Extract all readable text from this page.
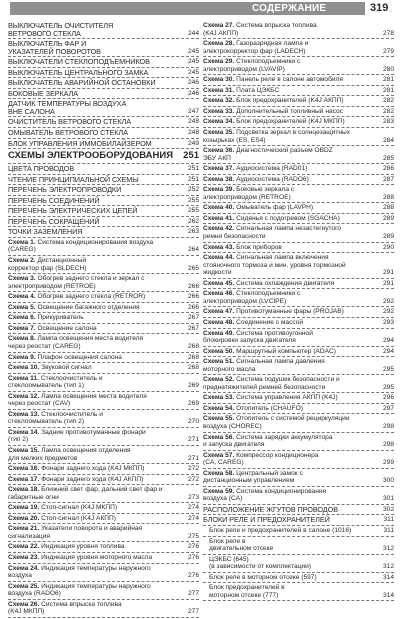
СОДЕРЖАНИЕ	319
ВЫКЛЮЧАТЕЛЬ ОЧИСТИТЕЛЯ
ВЕТРОВОГО СТЕКЛА	244
ВЫКЛЮЧАТЕЛЬ ФАР И
УКАЗАТЕЛЕЙ ПОВОРОТОВ	245
ВЫКЛЮЧАТЕЛИ СТЕКЛОПОДЪЕМНИКОВ	245
ВЫКЛЮЧАТЕЛЬ ЦЕНТРАЛЬНОГО ЗАМКА	245
ВЫКЛЮЧАТЕЛЬ АВАРИЙНОЙ ОСТАНОВКИ	246
БОКОВЫЕ ЗЕРКАЛА	246
ДАТЧИК ТЕМПЕРАТУРЫ ВОЗДУХА
ВНЕ САЛОНА	247
ОЧИСТИТЕЛЬ ВЕТРОВОГО СТЕКЛА	248
ОМЫВАТЕЛЬ ВЕТРОВОГО СТЕКЛА	248
БЛОК УПРАВЛЕНИЯ ИММОБИЛАЙЗЕРОМ	249
СХЕМЫ ЭЛЕКТРООБОРУДОВАНИЯ	251
ЦВЕТА ПРОВОДОВ	251
ЧТЕНИЕ ПРИНЦИПИАЛЬНОЙ СХЕМЫ	251
ПЕРЕЧЕНЬ ЭЛЕКТРОПРОВОДКИ	252
ПЕРЕЧЕНЬ СОЕДИНЕНИЙ	255
ПЕРЕЧЕНЬ ЭЛЕКТРИЧЕСКИХ ЦЕПЕЙ	255
ПЕРЕЧЕНЬ СОКРАЩЕНИЙ	262
ТОЧКИ ЗАЗЕМЛЕНИЯ	263
Схема 1. Система кондиционирования воздуха
(CAREG)	264
Схема 2. Дистанционный
корректор фар (SLDECH)	265
Схема 3. Обогрев заднего стекла и зеркал с
электроприводом (RETROE)	266
Схема 4. Обогрев заднего стекла (RETROR)	266
Схема 5. Освещение багажного отделения	266
Схема 6. Прикуриватель	267
Схема 7. Освещение салона	267
Схема 8. Лампа освещения места водителя
через реостат (CAREG)	268
Схема 9. Плафон освещения салона	268
Схема 10. Звуковой сигнал	268
Схема 11. Стеклоочиститель и
стеклоомыватель (тип 1)	269
Схема 12. Лампа освещения места водителя
через реостат (CAV)	269
Схема 13. Стеклоочиститель и
стеклоомыватель (тип 2)	270
Схема 14. Задние противотуманные фонари
(тип 2)	271
Схема 15. Лампа освещения отделения
для мелких предметов	271
Схема 16. Фонари заднего хода (K4J МКПП)	272
Схема 17. Фонари заднего хода (K4J АКПП)	272
Схема 18. Ближний свет фар, дальний свет фар и
габаритные огни	273
Схема 19. Стоп-сигнал (K4J МКПП)	274
Схема 20. Стоп-сигнал (K4J АКПП)	274
Схема 21. Указатели поворота и аварийная
сигнализация	275
Схема 22. Индикация уровня топлива	276
Схема 23. Индикация уровня моторного масла	276
Схема 24. Индикация температуры наружного
воздуха	276
Схема 25. Индикация температуры наружного
воздуха (RADO6)	277
Схема 26. Система впрыска топлива
(K4J МКПП)	277
Схема 27. Система впрыска топлива
(K4J АКПП)	278
Схема 28. Газоразрядная лампа и
электрокорректор фар (LADECH)	279
Схема 29. Стеклоподъемники с
электроприводом (LVAVIP)	280
Схема 30. Панель реле в салоне автомобиля	281
Схема 31. Плата ЦЭКБС	281
Схема 32. Блок предохранителей (K4J АКПП)	282
Схема 33. Дополнительный топливный насос	282
Схема 34. Блок предохранителей (K4J МКПП)	283
Схема 35. Подсветка зеркал в солнцезащитных
козырьках (ES, ES4)	284
Схема 36. Диагностический разъем OBDZ
ЭБУ АКП	285
Схема 37. Аудиосистема (RAD01)	286
Схема 38. Аудиосистема (RADO6)	287
Схема 39. Боковые зеркала с
электроприводом (RETROE)	288
Схема 40. Омыватель фар (LAVPH)	288
Схема 41. Сиденья с подогревом (SGACHA)	289
Схема 42. Сигнальная лампа незастегнутого
ремня безопасности	289
Схема 43. Блок приборов	290
Схема 44. Сигнальная лампа включения
стояночного тормоза и мин. уровня тормозной
жидкости	291
Схема 45. Система охлаждения двигателя	291
Схема 46. Стеклоподъемники с
электроприводом (LVCIPE)	292
Схема 47. Противотуманные фары (PROJAB)	292
Схема 48. Соединение с массой	293
Схема 49. Система противоугонной
блокировки запуска двигателя	294
Схема 50. Маршрутный компьютер (ADAC)	294
Схема 51. Сигнальная лампа давления
моторного масла	295
Схема 52. Система подушек безопасности и
преднатяжителей ремней безопасности	295
Схема 53. Система управления АКПП (K4J)	296
Схема 54. Отопитель (CHAUFO)	297
Схема 55. Отопитель с системой рециркуляции
воздуха (CHOREC)	298
Схема 56. Система зарядки аккумулятора
и запуска двигателя	298
Схема 57. Компрессор кондиционера
(CA, CAREG)	299
Схема 58. Центральный замок с
дистанционным управлением	300
Схема 59. Система кондиционирования
воздуха (CA)	301
РАСПОЛОЖЕНИЕ ЖГУТОВ ПРОВОДОВ	302
БЛОКИ РЕЛЕ И ПРЕДОХРАНИТЕЛЕЙ	311
Блок реле и предохранителей в салоне (1016)	311
Блок реле в
двигательном отсеке	312
ЦЭКБС (645)
(в зависимости от комплектации)	312
Блок реле в моторном отсеке (597)	314
Блок предохранителей в
моторном отсеке (777)	314
